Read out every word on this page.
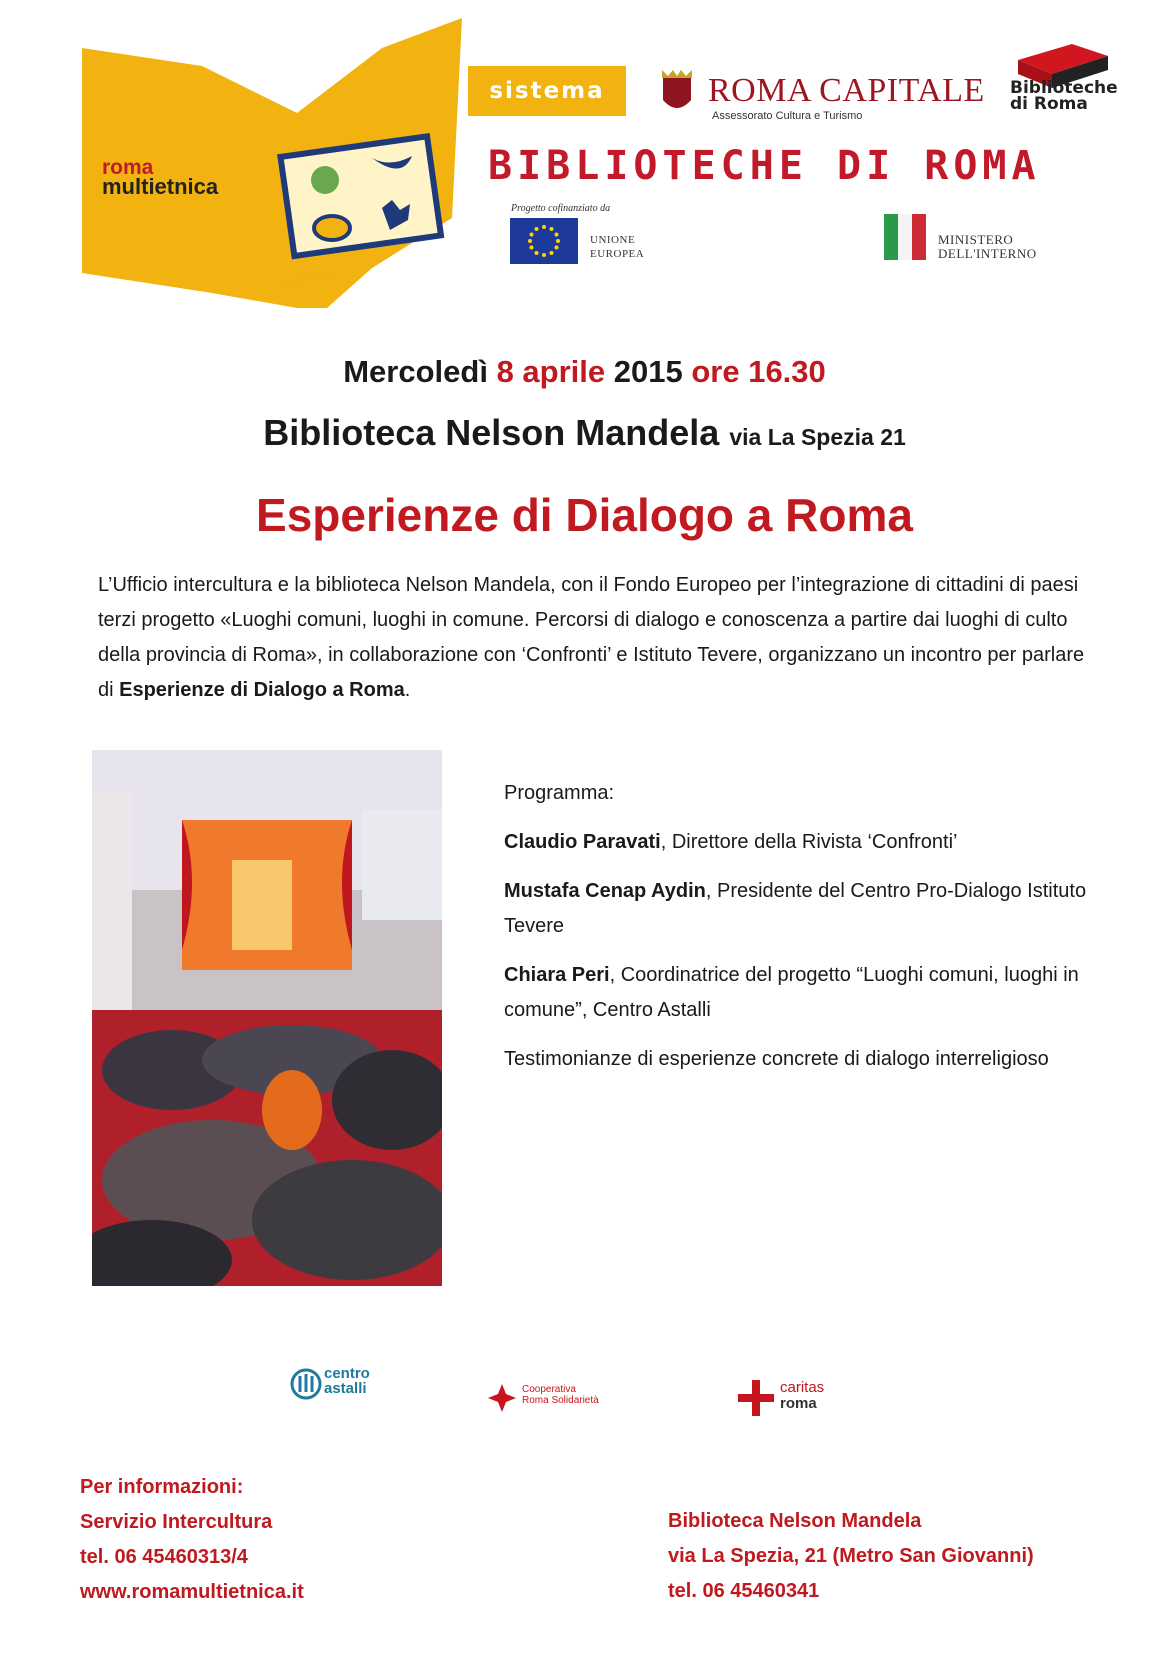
roma
multietnica
sistema	ROMA CAPITALE
Assessorato Cultura e Turismo
Biblioteche
di Roma
BIBLIOTECHE DI ROMA
Progetto cofinanziato da
UNIONE
EUROPEA
MINISTERO
DELL'INTERNO
Mercoledì 8 aprile 2015 ore 16.30
Biblioteca Nelson Mandela via La Spezia 21
Esperienze di Dialogo a Roma
L’Ufficio intercultura e la biblioteca Nelson Mandela, con il Fondo Europeo per l’integrazione di cittadini di paesi terzi progetto «Luoghi comuni, luoghi in comune. Percorsi di dialogo e conoscenza a partire dai luoghi di culto della provincia di Roma», in collaborazione con ‘Confronti’ e Istituto Tevere, organizzano un incontro per parlare di Esperienze di Dialogo a Roma.

Programma:

Claudio Paravati, Direttore della Rivista ‘Confronti’

Mustafa Cenap Aydin, Presidente del Centro Pro-Dialogo Istituto Tevere

Chiara Peri, Coordinatrice del progetto “Luoghi comuni, luoghi in comune”, Centro Astalli

Testimonianze di esperienze concrete di dialogo interreligioso

centro
astalli	Cooperativa
Roma Solidarietà
caritas
roma
Per informazioni:
Servizio Intercultura
tel. 06 45460313/4
www.romamultietnica.it
Biblioteca Nelson Mandela
via La Spezia, 21 (Metro San Giovanni)
tel. 06 45460341
